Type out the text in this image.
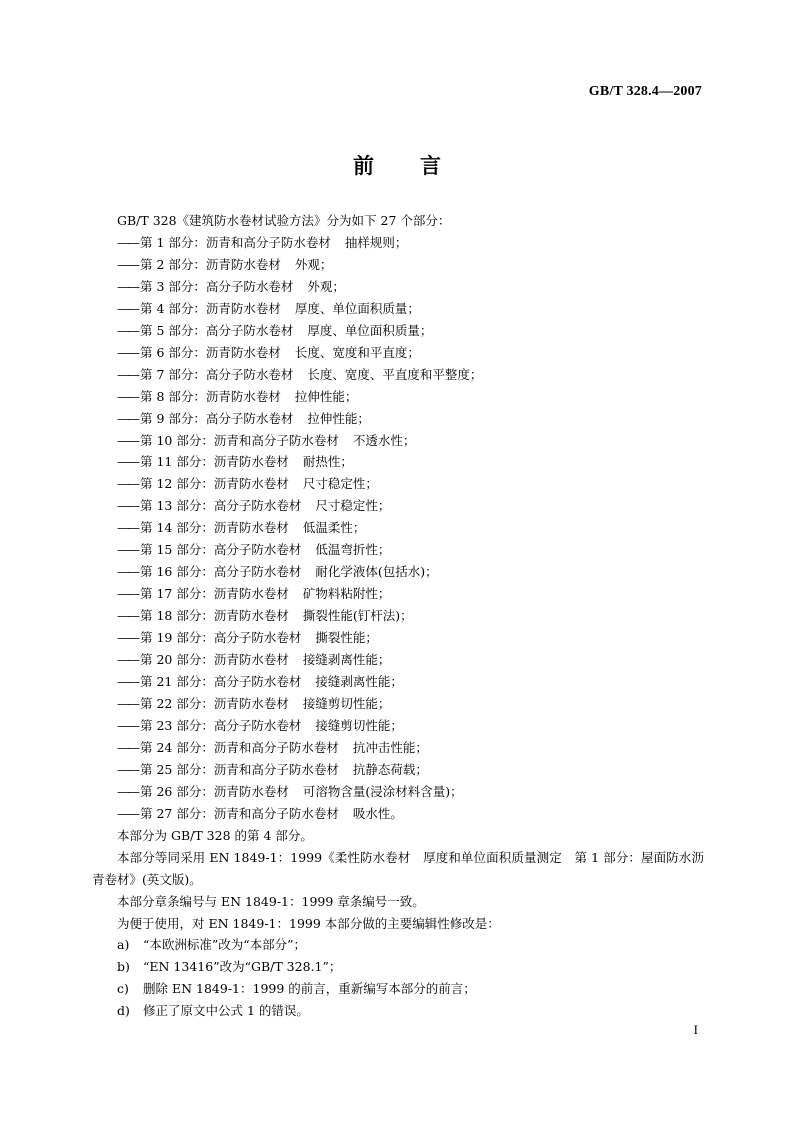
GB/T 328.4—2007
前 言
GB/T 328《建筑防水卷材试验方法》分为如下 27 个部分：
—— 第 1 部分：沥青和高分子防水卷材 抽样规则；
—— 第 2 部分：沥青防水卷材 外观；
—— 第 3 部分：高分子防水卷材 外观；
—— 第 4 部分：沥青防水卷材 厚度、单位面积质量；
—— 第 5 部分：高分子防水卷材 厚度、单位面积质量；
—— 第 6 部分：沥青防水卷材 长度、宽度和平直度；
—— 第 7 部分：高分子防水卷材 长度、宽度、平直度和平整度；
—— 第 8 部分：沥青防水卷材 拉伸性能；
—— 第 9 部分：高分子防水卷材 拉伸性能；
—— 第 10 部分：沥青和高分子防水卷材 不透水性；
—— 第 11 部分：沥青防水卷材 耐热性；
—— 第 12 部分：沥青防水卷材 尺寸稳定性；
—— 第 13 部分：高分子防水卷材 尺寸稳定性；
—— 第 14 部分：沥青防水卷材 低温柔性；
—— 第 15 部分：高分子防水卷材 低温弯折性；
—— 第 16 部分：高分子防水卷材 耐化学液体(包括水)；
—— 第 17 部分：沥青防水卷材 矿物料粘附性；
—— 第 18 部分：沥青防水卷材 撕裂性能(钉杆法)；
—— 第 19 部分：高分子防水卷材 撕裂性能；
—— 第 20 部分：沥青防水卷材 接缝剥离性能；
—— 第 21 部分：高分子防水卷材 接缝剥离性能；
—— 第 22 部分：沥青防水卷材 接缝剪切性能；
—— 第 23 部分：高分子防水卷材 接缝剪切性能；
—— 第 24 部分：沥青和高分子防水卷材 抗冲击性能；
—— 第 25 部分：沥青和高分子防水卷材 抗静态荷载；
—— 第 26 部分：沥青防水卷材 可溶物含量(浸涂材料含量)；
—— 第 27 部分：沥青和高分子防水卷材 吸水性。
本部分为 GB/T 328 的第 4 部分。
本部分等同采用 EN 1849-1：1999《柔性防水卷材　厚度和单位面积质量测定　第 1 部分：屋面防水沥青卷材》(英文版)。
本部分章条编号与 EN 1849-1：1999 章条编号一致。
为便于使用，对 EN 1849-1：1999 本部分做的主要编辑性修改是：
a) “本欧洲标准”改为“本部分”；
b) “EN 13416”改为“GB/T 328.1”；
c) 删除 EN 1849-1：1999 的前言，重新编写本部分的前言；
d) 修正了原文中公式 1 的错误。
I
